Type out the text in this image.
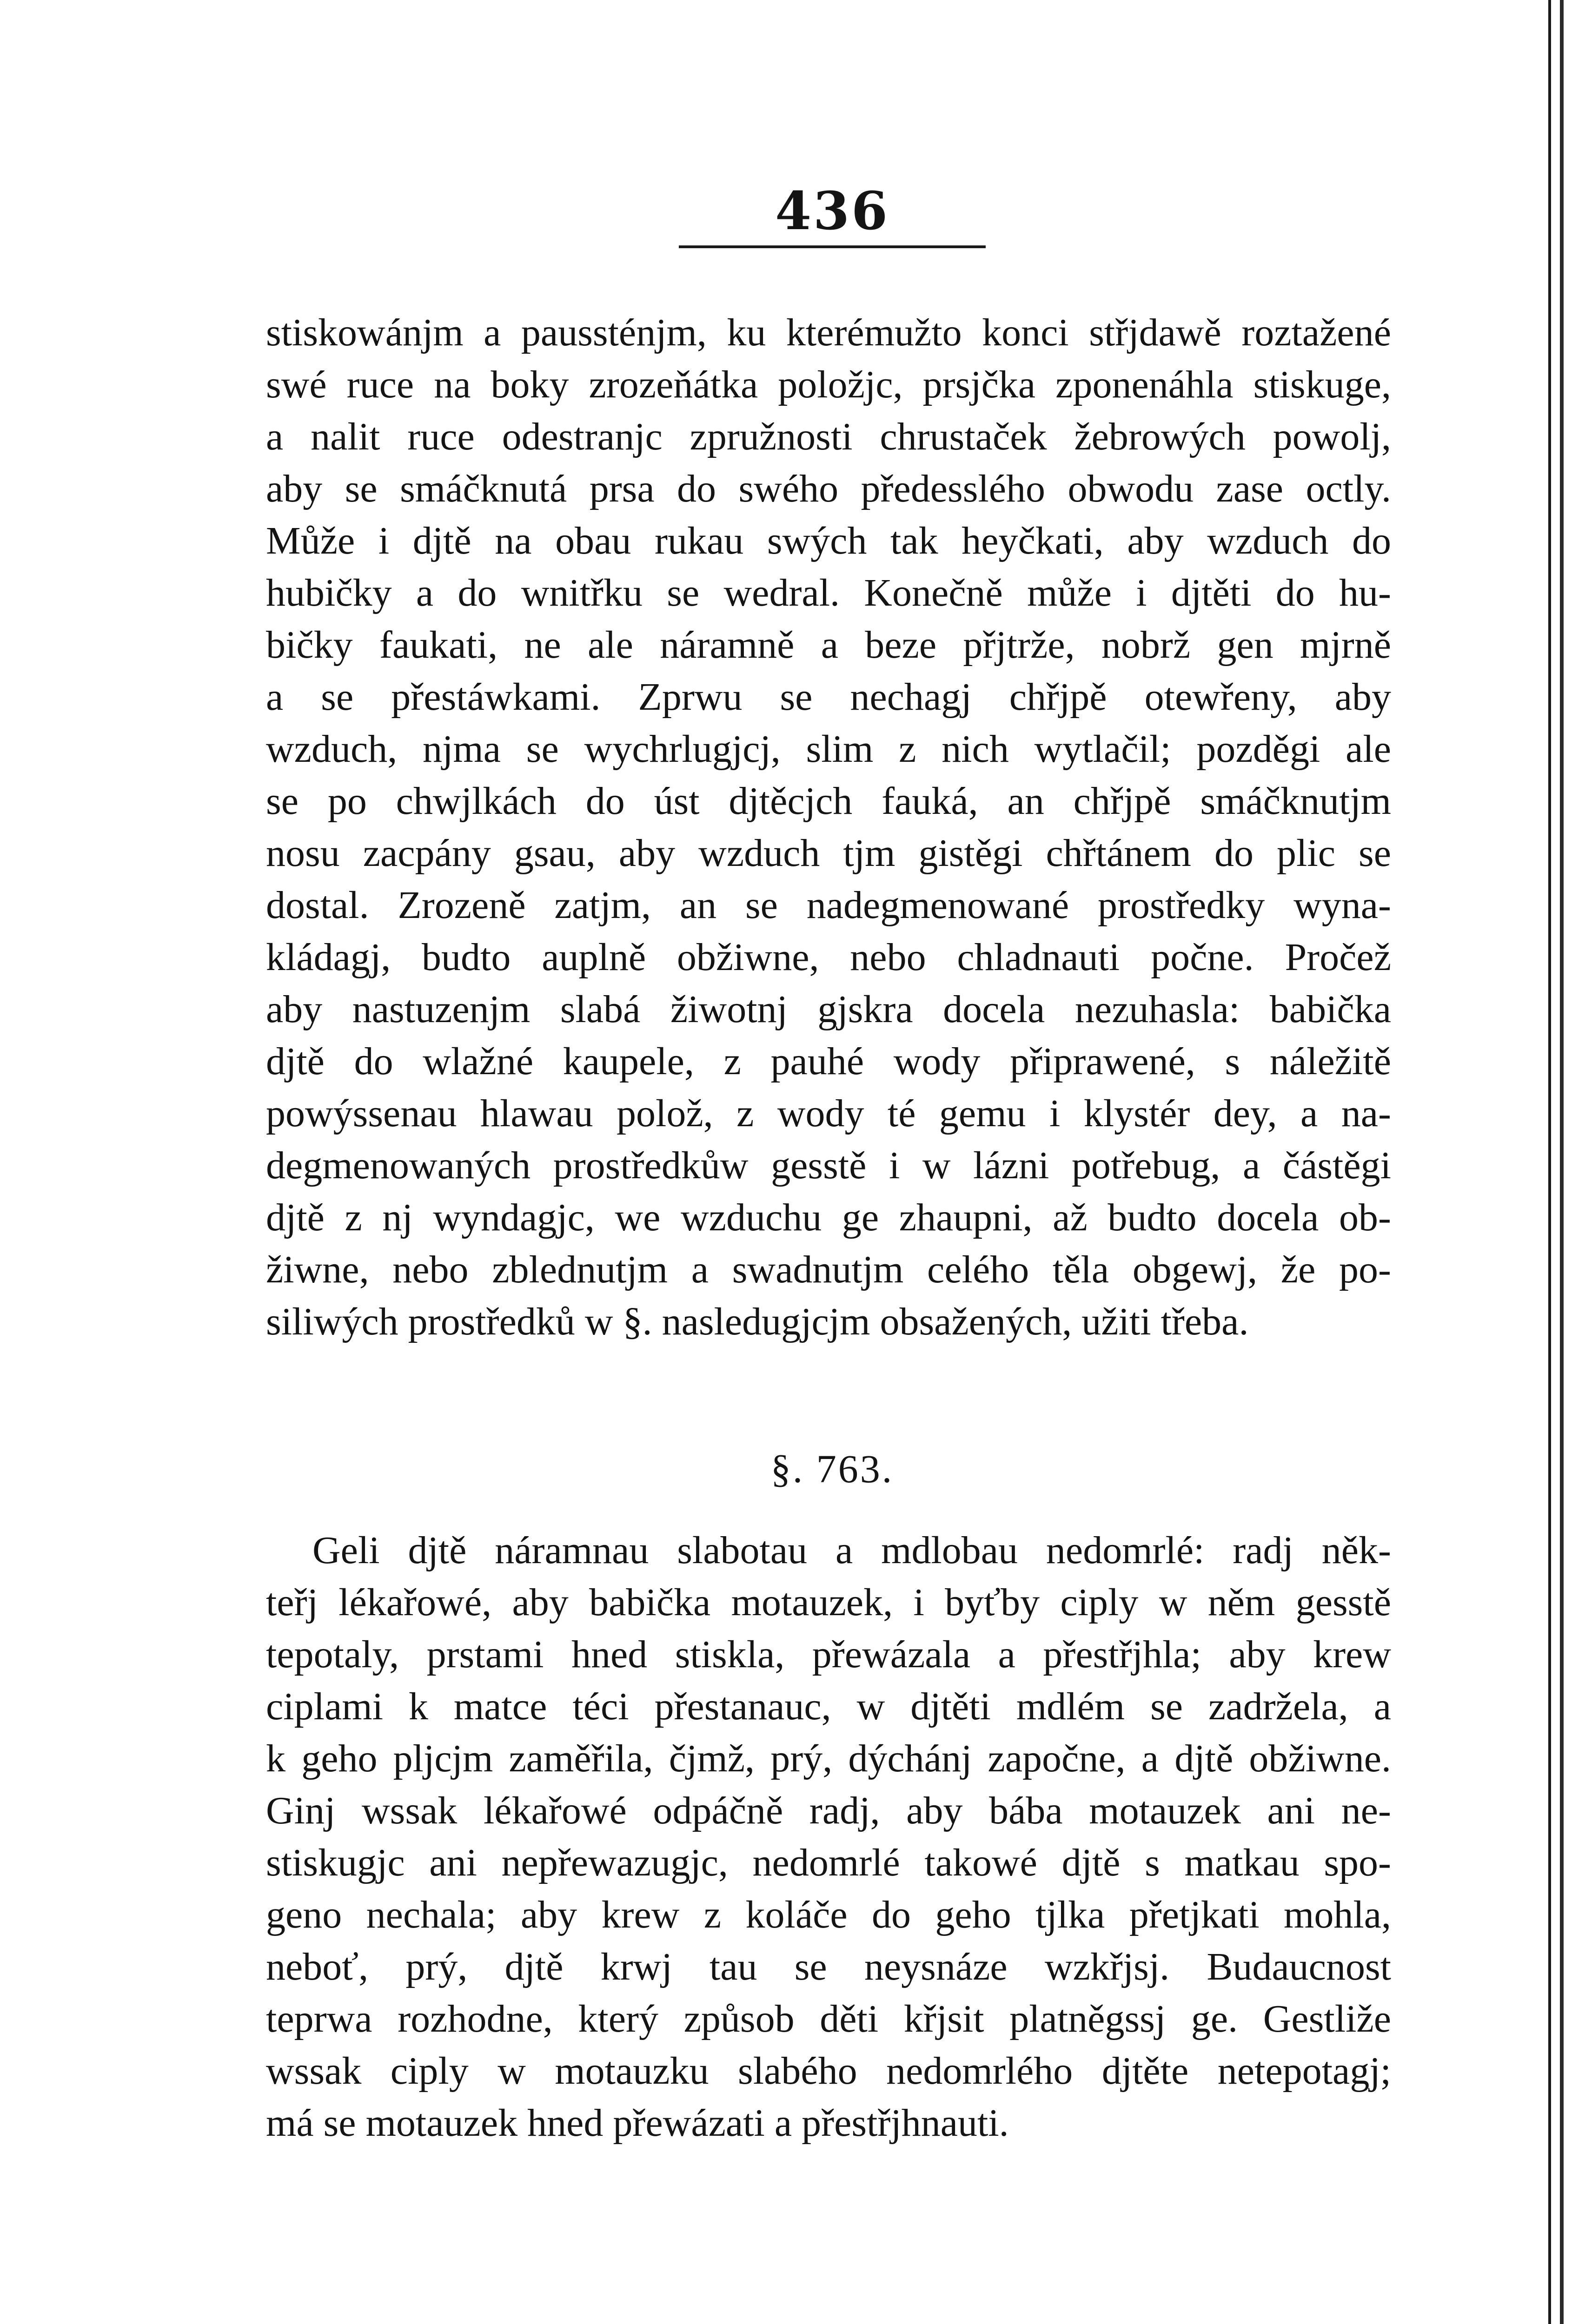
436
stiskowánjm a paussténjm, ku kterémužto konci střjdawě roztažené
swé ruce na boky zrozeňátka položjc, prsjčka zponenáhla stiskuge,
a nalit ruce odestranjc zpružnosti chrustaček žebrowých powolj,
aby se smáčknutá prsa do swého předesslého obwodu zase octly.
Může i djtě na obau rukau swých tak heyčkati, aby wzduch do
hubičky a do wnitřku se wedral. Konečně může i djtěti do hu-
bičky faukati, ne ale náramně a beze přjtrže, nobrž gen mjrně
a se přestáwkami. Zprwu se nechagj chřjpě otewřeny, aby
wzduch, njma se wychrlugjcj, slim z nich wytlačil; pozděgi ale
se po chwjlkách do úst djtěcjch fauká, an chřjpě smáčknutjm
nosu zacpány gsau, aby wzduch tjm gistěgi chřtánem do plic se
dostal. Zrozeně zatjm, an se nadegmenowané prostředky wyna-
kládagj, budto auplně obžiwne, nebo chladnauti počne. Pročež
aby nastuzenjm slabá žiwotnj gjskra docela nezuhasla: babička
djtě do wlažné kaupele, z pauhé wody připrawené, s náležitě
powýssenau hlawau polož, z wody té gemu i klystér dey, a na-
degmenowaných prostředkůw gesstě i w lázni potřebug, a částěgi
djtě z nj wyndagjc, we wzduchu ge zhaupni, až budto docela ob-
žiwne, nebo zblednutjm a swadnutjm celého těla obgewj, že po-
siliwých prostředků w §. nasledugjcjm obsažených, užiti třeba.
§. 763.
Geli djtě náramnau slabotau a mdlobau nedomrlé: radj něk-
teřj lékařowé, aby babička motauzek, i byťby ciply w něm gesstě
tepotaly, prstami hned stiskla, přewázala a přestřjhla; aby krew
ciplami k matce téci přestanauc, w djtěti mdlém se zadržela, a
k geho pljcjm zaměřila, čjmž, prý, dýchánj započne, a djtě obžiwne.
Ginj wssak lékařowé odpáčně radj, aby bába motauzek ani ne-
stiskugjc ani nepřewazugjc, nedomrlé takowé djtě s matkau spo-
geno nechala; aby krew z koláče do geho tjlka přetjkati mohla,
neboť, prý, djtě krwj tau se neysnáze wzkřjsj. Budaucnost
teprwa rozhodne, který způsob děti křjsit platněgssj ge. Gestliže
wssak ciply w motauzku slabého nedomrlého djtěte netepotagj;
má se motauzek hned přewázati a přestřjhnauti.
